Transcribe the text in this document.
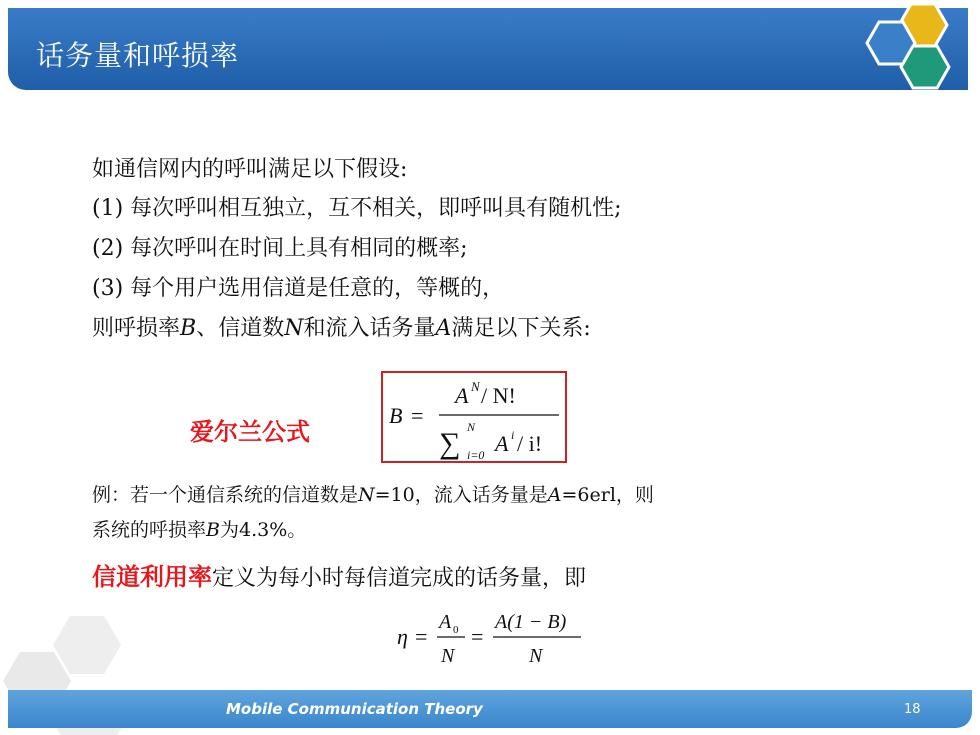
话务量和呼损率
如通信网内的呼叫满足以下假设:
(1) 每次呼叫相互独立，互不相关，即呼叫具有随机性;
(2) 每次呼叫在时间上具有相同的概率;
(3) 每个用户选用信道是任意的，等概的，
则呼损率B、信道数N和流入话务量A满足以下关系:
爱尔兰公式
B =
A N / N!
∑ N
i=0 A i / i!
例：若一个通信系统的信道数是N=10，流入话务量是A=6erl，则
系统的呼损率B为4.3%。
信道利用率定义为每小时每信道完成的话务量，即
η =
A 0
N
=
A(1 − B)
N
Mobile Communication Theory	18
